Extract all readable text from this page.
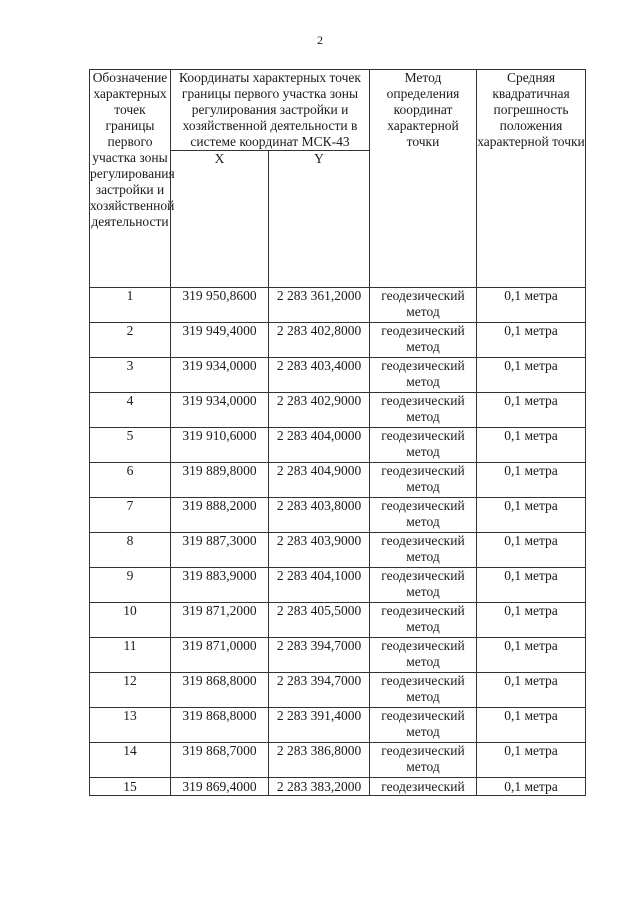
2
Обозначение характерных точек границы первого участка зоны регулирования застройки и хозяйственной деятельности	Координаты характерных точек границы первого участка зоны регулирования застройки и хозяйственной деятельности в системе координат МСК-43		Метод определения координат характерной точки	Средняя квадратичная погрешность положения характерной точки
	X	Y		
1	319 950,8600	2 283 361,2000	геодезический метод	0,1 метра
2	319 949,4000	2 283 402,8000	геодезический метод	0,1 метра
3	319 934,0000	2 283 403,4000	геодезический метод	0,1 метра
4	319 934,0000	2 283 402,9000	геодезический метод	0,1 метра
5	319 910,6000	2 283 404,0000	геодезический метод	0,1 метра
6	319 889,8000	2 283 404,9000	геодезический метод	0,1 метра
7	319 888,2000	2 283 403,8000	геодезический метод	0,1 метра
8	319 887,3000	2 283 403,9000	геодезический метод	0,1 метра
9	319 883,9000	2 283 404,1000	геодезический метод	0,1 метра
10	319 871,2000	2 283 405,5000	геодезический метод	0,1 метра
11	319 871,0000	2 283 394,7000	геодезический метод	0,1 метра
12	319 868,8000	2 283 394,7000	геодезический метод	0,1 метра
13	319 868,8000	2 283 391,4000	геодезический метод	0,1 метра
14	319 868,7000	2 283 386,8000	геодезический метод	0,1 метра
15	319 869,4000	2 283 383,2000	геодезический	0,1 метра
